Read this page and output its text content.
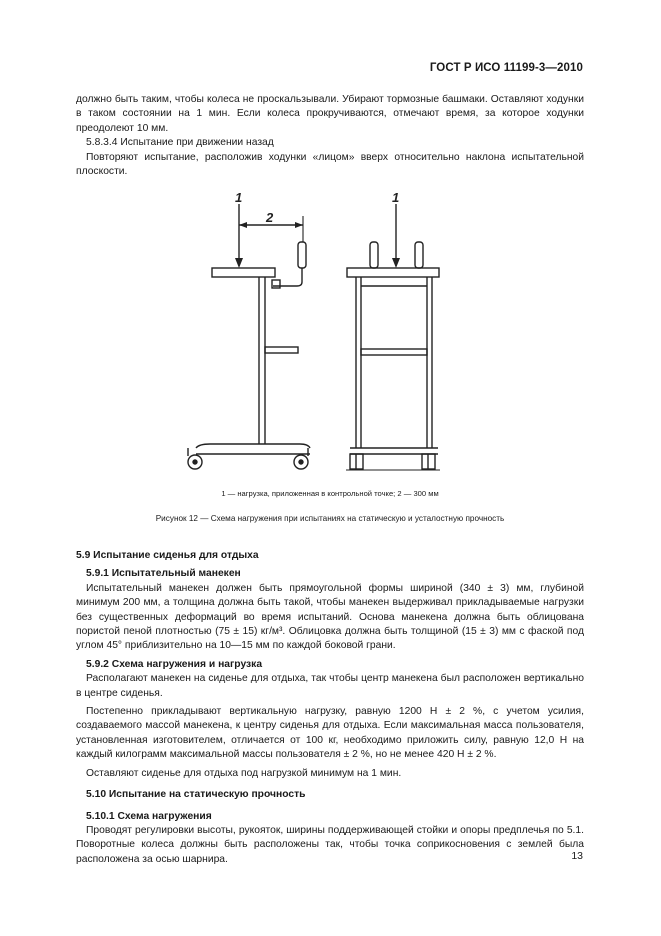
ГОСТ Р ИСО 11199-3—2010

должно быть таким, чтобы колеса не проскальзывали. Убирают тормозные башмаки. Оставляют ходунки в таком состоянии на 1 мин. Если колеса прокручиваются, отмечают время, за которое ходунки преодолеют 10 мм.

5.8.3.4 Испытание при движении назад

Повторяют испытание, расположив ходунки «лицом» вверх относительно наклона испытательной плоскости.

1
2
1
1 — нагрузка, приложенная в контрольной точке; 2 — 300 мм
Рисунок 12 — Схема нагружения при испытаниях на статическую и усталостную прочность

5.9 Испытание сиденья для отдыха

5.9.1 Испытательный манекен

Испытательный манекен должен быть прямоугольной формы шириной (340 ± 3) мм, глубиной минимум 200 мм, а толщина должна быть такой, чтобы манекен выдерживал прикладываемые нагрузки без существенных деформаций во время испытаний. Основа манекена должна быть облицована пористой пеной плотностью (75 ± 15) кг/м³. Облицовка должна быть толщиной (15 ± 3) мм с фаской под углом 45° приблизительно на 10—15 мм по каждой боковой грани.

5.9.2 Схема нагружения и нагрузка

Располагают манекен на сиденье для отдыха, так чтобы центр манекена был расположен вертикально в центре сиденья.

Постепенно прикладывают вертикальную нагрузку, равную 1200 Н ± 2 %, с учетом усилия, создаваемого массой манекена, к центру сиденья для отдыха. Если максимальная масса пользователя, установленная изготовителем, отличается от 100 кг, необходимо приложить силу, равную 12,0 Н на каждый килограмм максимальной массы пользователя ± 2 %, но не менее 420 Н ± 2 %.

Оставляют сиденье для отдыха под нагрузкой минимум на 1 мин.

5.10 Испытание на статическую прочность

5.10.1 Схема нагружения

Проводят регулировки высоты, рукояток, ширины поддерживающей стойки и опоры предплечья по 5.1. Поворотные колеса должны быть расположены так, чтобы точка соприкосновения с землей была расположена за осью шарнира.	13
